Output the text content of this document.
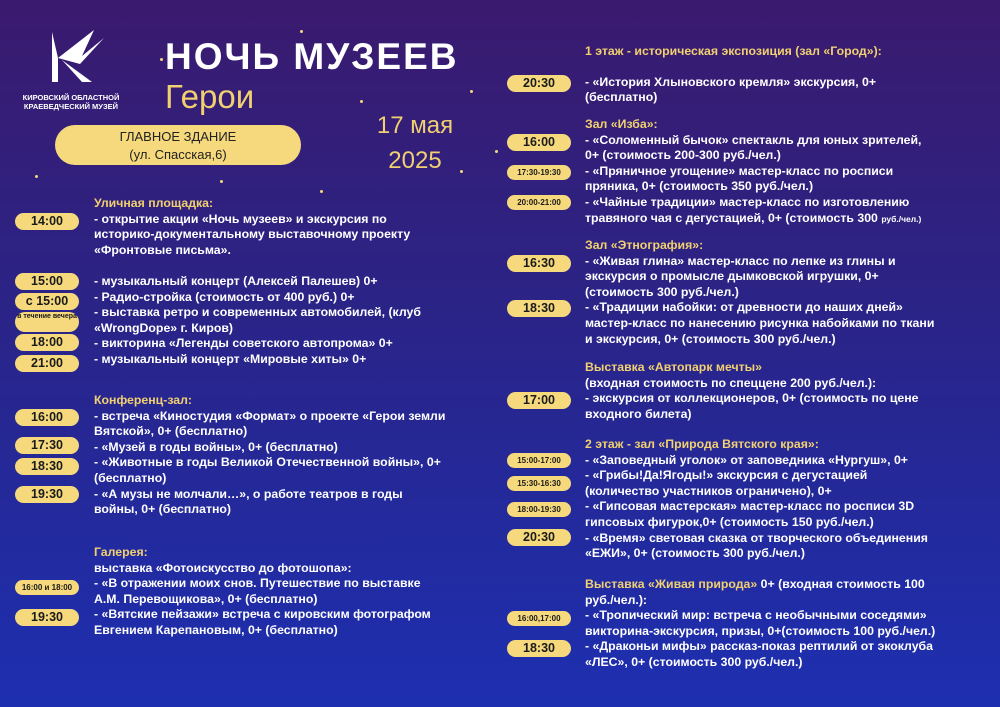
КИРОВСКИЙ ОБЛАСТНОЙ
КРАЕВЕДЧЕСКИЙ МУЗЕЙ
НОЧЬ МУЗЕЕВ
Герои
17 мая
2025
ГЛАВНОЕ ЗДАНИЕ
(ул. Спасская,6)
Уличная площадка:
- открытие акции «Ночь музеев» и экскурсия по
историко-документальному выставочному проекту
«Фронтовые письма».
- музыкальный концерт (Алексей Палешев) 0+
- Радио-стройка (стоимость от 400 руб.) 0+
- выставка ретро и современных автомобилей, (клуб
«WrongDope» г. Киров)
- викторина «Легенды советского автопрома» 0+
- музыкальный концерт «Мировые хиты» 0+
14:00
15:00
с 15:00
в течение вечера
18:00
21:00
Конференц-зал:
- встреча «Киностудия «Формат» о проекте «Герои земли
Вятской», 0+ (бесплатно)
- «Музей в годы войны», 0+ (бесплатно)
- «Животные в годы Великой Отечественной войны», 0+
(бесплатно)
- «А музы не молчали…», о работе театров в годы
войны, 0+ (бесплатно)
16:00
17:30
18:30
19:30
Галерея:
выставка «Фотоискусство до фотошопа»:
- «В отражении моих снов. Путешествие по выставке
А.М. Перевощикова», 0+ (бесплатно)
- «Вятские пейзажи» встреча с кировским фотографом
Евгением Карепановым, 0+ (бесплатно)
16:00 и 18:00
19:30
1 этаж - историческая экспозиция (зал «Город»):
- «История Хлыновского кремля» экскурсия, 0+
(бесплатно)
20:30
Зал «Изба»:
- «Соломенный бычок» спектакль для юных зрителей,
0+ (стоимость 200-300 руб./чел.)
- «Пряничное угощение» мастер-класс по росписи
пряника, 0+ (стоимость 350 руб./чел.)
- «Чайные традиции» мастер-класс по изготовлению
травяного чая с дегустацией, 0+ (стоимость 300 руб./чел.)
16:00
17:30-19:30
20:00-21:00
Зал «Этнография»:
- «Живая глина» мастер-класс по лепке из глины и
экскурсия о промысле дымковской игрушки, 0+
(стоимость 300 руб./чел.)
- «Традиции набойки: от древности до наших дней»
мастер-класс по нанесению рисунка набойками по ткани
и экскурсия, 0+ (стоимость 300 руб./чел.)
16:30
18:30
Выставка «Автопарк мечты»
(входная стоимость по спеццене 200 руб./чел.):
- экскурсия от коллекционеров, 0+ (стоимость по цене
входного билета)
17:00
2 этаж - зал «Природа Вятского края»:
- «Заповедный уголок» от заповедника «Нургуш», 0+
- «Грибы!Да!Ягоды!» экскурсия с дегустацией
(количество участников ограничено), 0+
- «Гипсовая мастерская» мастер-класс по росписи 3D
гипсовых фигурок,0+ (стоимость 150 руб./чел.)
- «Время» световая сказка от творческого объединения
«ЕЖИ», 0+ (стоимость 300 руб./чел.)
15:00-17:00
15:30-16:30
18:00-19:30
20:30
Выставка «Живая природа» 0+ (входная стоимость 100
руб./чел.):
- «Тропический мир: встреча с необычными соседями»
викторина-экскурсия, призы, 0+(стоимость 100 руб./чел.)
- «Драконьи мифы» рассказ-показ рептилий от экоклуба
«ЛЕС», 0+ (стоимость 300 руб./чел.)
16:00,17:00
18:30
